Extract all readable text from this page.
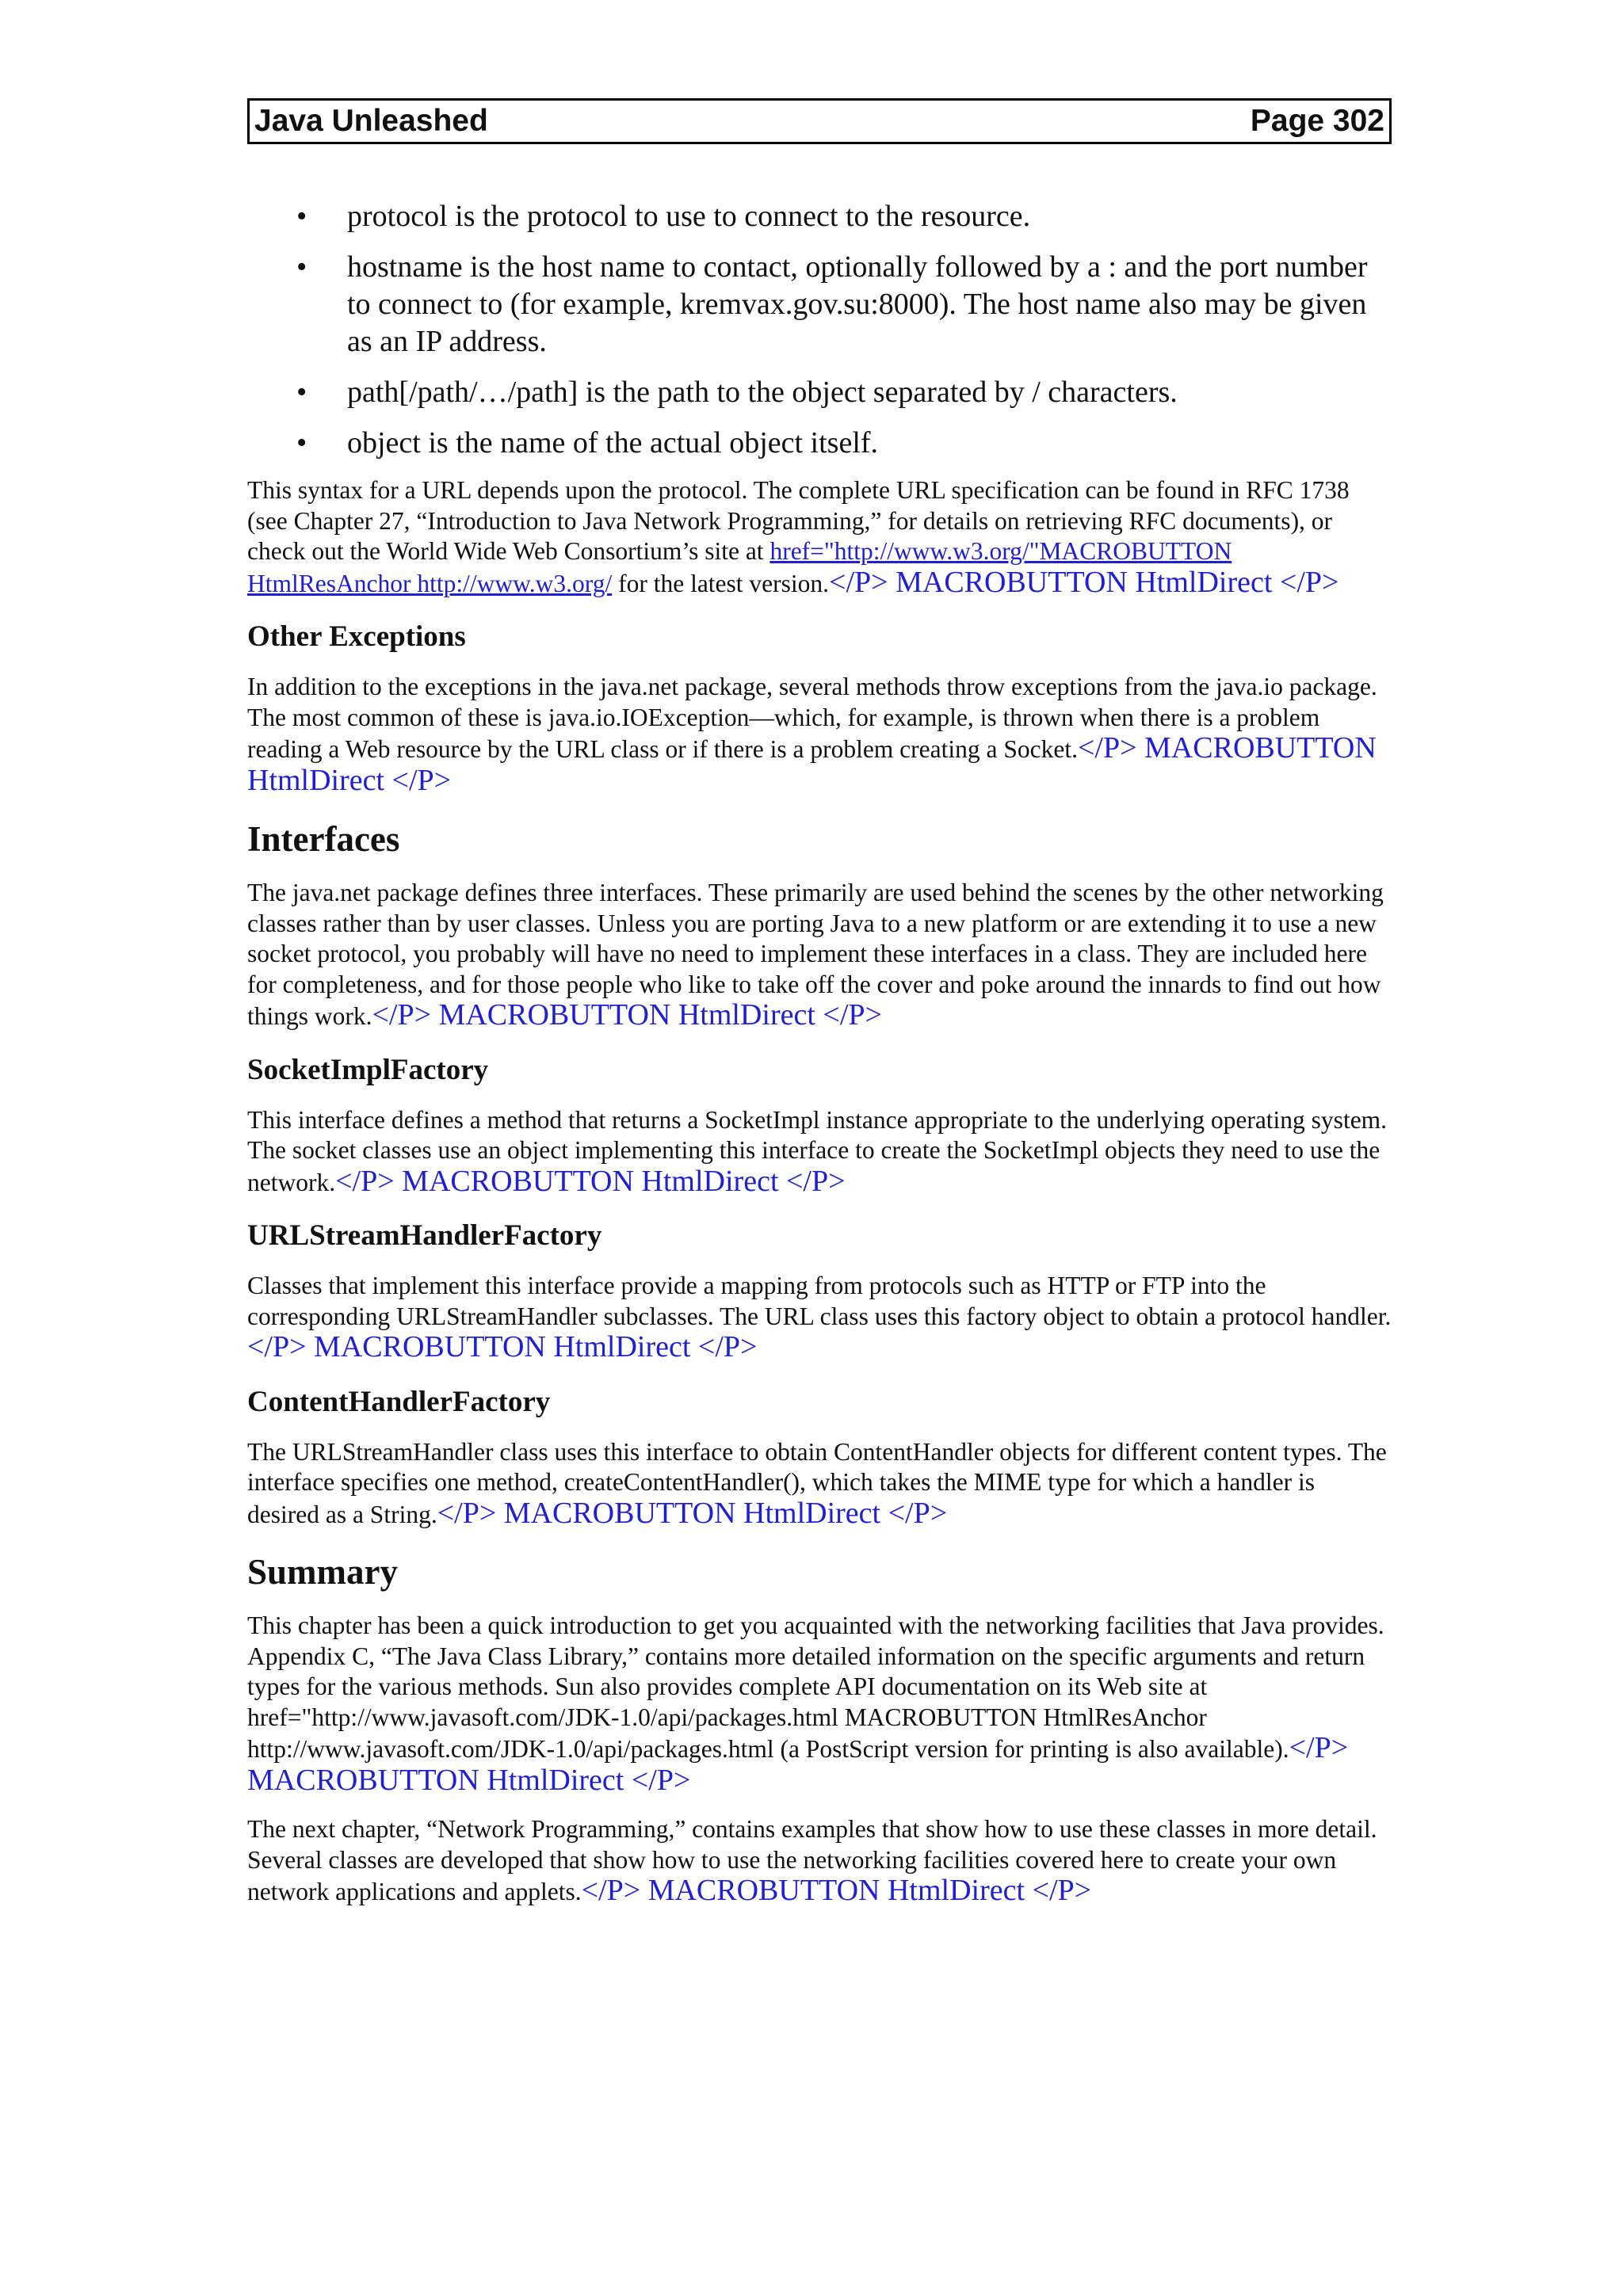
Java Unleashed	Page 302
• protocol is the protocol to use to connect to the resource.
• hostname is the host name to contact, optionally followed by a : and the port number to connect to (for example, kremvax.gov.su:8000). The host name also may be given as an IP address.
• path[/path/…/path] is the path to the object separated by / characters.
• object is the name of the actual object itself.

This syntax for a URL depends upon the protocol. The complete URL specification can be found in RFC 1738 (see Chapter 27, “Introduction to Java Network Programming,” for details on retrieving RFC documents), or check out the World Wide Web Consortium’s site at href="http://www.w3.org/"MACROBUTTON HtmlResAnchor http://www.w3.org/ for the latest version.</P> MACROBUTTON HtmlDirect </P>

Other Exceptions

In addition to the exceptions in the java.net package, several methods throw exceptions from the java.io package. The most common of these is java.io.IOException—which, for example, is thrown when there is a problem reading a Web resource by the URL class or if there is a problem creating a Socket.</P> MACROBUTTON HtmlDirect </P>

Interfaces

The java.net package defines three interfaces. These primarily are used behind the scenes by the other networking classes rather than by user classes. Unless you are porting Java to a new platform or are extending it to use a new socket protocol, you probably will have no need to implement these interfaces in a class. They are included here for completeness, and for those people who like to take off the cover and poke around the innards to find out how things work.</P> MACROBUTTON HtmlDirect </P>

SocketImplFactory

This interface defines a method that returns a SocketImpl instance appropriate to the underlying operating system. The socket classes use an object implementing this interface to create the SocketImpl objects they need to use the network.</P> MACROBUTTON HtmlDirect </P>

URLStreamHandlerFactory

Classes that implement this interface provide a mapping from protocols such as HTTP or FTP into the corresponding URLStreamHandler subclasses. The URL class uses this factory object to obtain a protocol handler.</P> MACROBUTTON HtmlDirect </P>

ContentHandlerFactory

The URLStreamHandler class uses this interface to obtain ContentHandler objects for different content types. The interface specifies one method, createContentHandler(), which takes the MIME type for which a handler is desired as a String.</P> MACROBUTTON HtmlDirect </P>

Summary

This chapter has been a quick introduction to get you acquainted with the networking facilities that Java provides. Appendix C, “The Java Class Library,” contains more detailed information on the specific arguments and return types for the various methods. Sun also provides complete API documentation on its Web site at href="http://www.javasoft.com/JDK-1.0/api/packages.html MACROBUTTON HtmlResAnchor http://www.javasoft.com/JDK-1.0/api/packages.html (a PostScript version for printing is also available).</P> MACROBUTTON HtmlDirect </P>

The next chapter, “Network Programming,” contains examples that show how to use these classes in more detail. Several classes are developed that show how to use the networking facilities covered here to create your own network applications and applets.</P> MACROBUTTON HtmlDirect </P>
